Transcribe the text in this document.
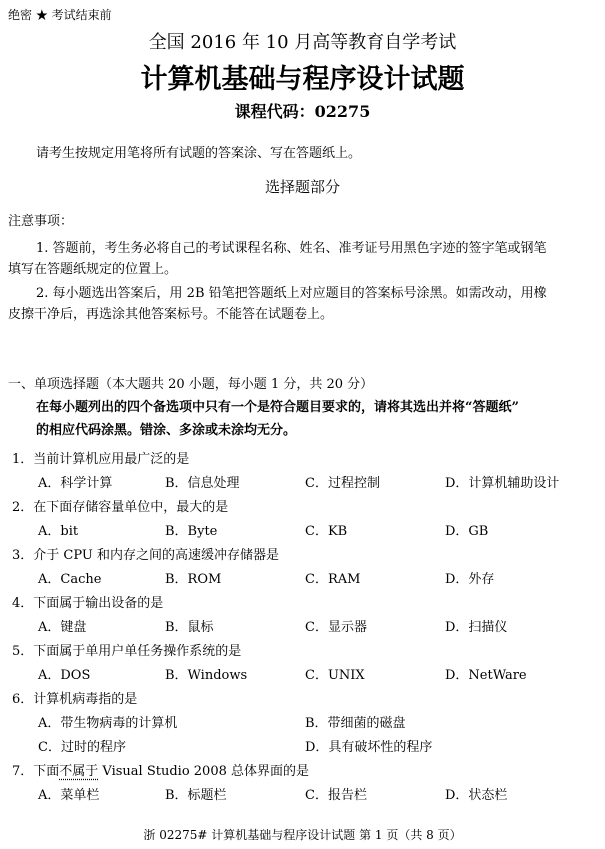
绝密 ★ 考试结束前
全国 2016 年 10 月高等教育自学考试
计算机基础与程序设计试题
课程代码：02275
请考生按规定用笔将所有试题的答案涂、写在答题纸上。
选择题部分
注意事项：
1. 答题前，考生务必将自己的考试课程名称、姓名、准考证号用黑色字迹的签字笔或钢笔
填写在答题纸规定的位置上。
2. 每小题选出答案后，用 2B 铅笔把答题纸上对应题目的答案标号涂黑。如需改动，用橡
皮擦干净后，再选涂其他答案标号。不能答在试题卷上。
一、单项选择题（本大题共 20 小题，每小题 1 分，共 20 分）
在每小题列出的四个备选项中只有一个是符合题目要求的，请将其选出并将“答题纸”
的相应代码涂黑。错涂、多涂或未涂均无分。
1．当前计算机应用最广泛的是
A．科学计算	B．信息处理	C．过程控制	D．计算机辅助设计
2．在下面存储容量单位中，最大的是
A．bit	B．Byte	C．KB	D．GB
3．介于 CPU 和内存之间的高速缓冲存储器是
A．Cache	B．ROM	C．RAM	D．外存
4．下面属于输出设备的是
A．键盘	B．鼠标	C．显示器	D．扫描仪
5．下面属于单用户单任务操作系统的是
A．DOS	B．Windows	C．UNIX	D．NetWare
6．计算机病毒指的是
A．带生物病毒的计算机	B．带细菌的磁盘
C．过时的程序	D．具有破坏性的程序
7．下面不属于 Visual Studio 2008 总体界面的是
A．菜单栏	B．标题栏	C．报告栏	D．状态栏
浙 02275# 计算机基础与程序设计试题 第 1 页（共 8 页）
